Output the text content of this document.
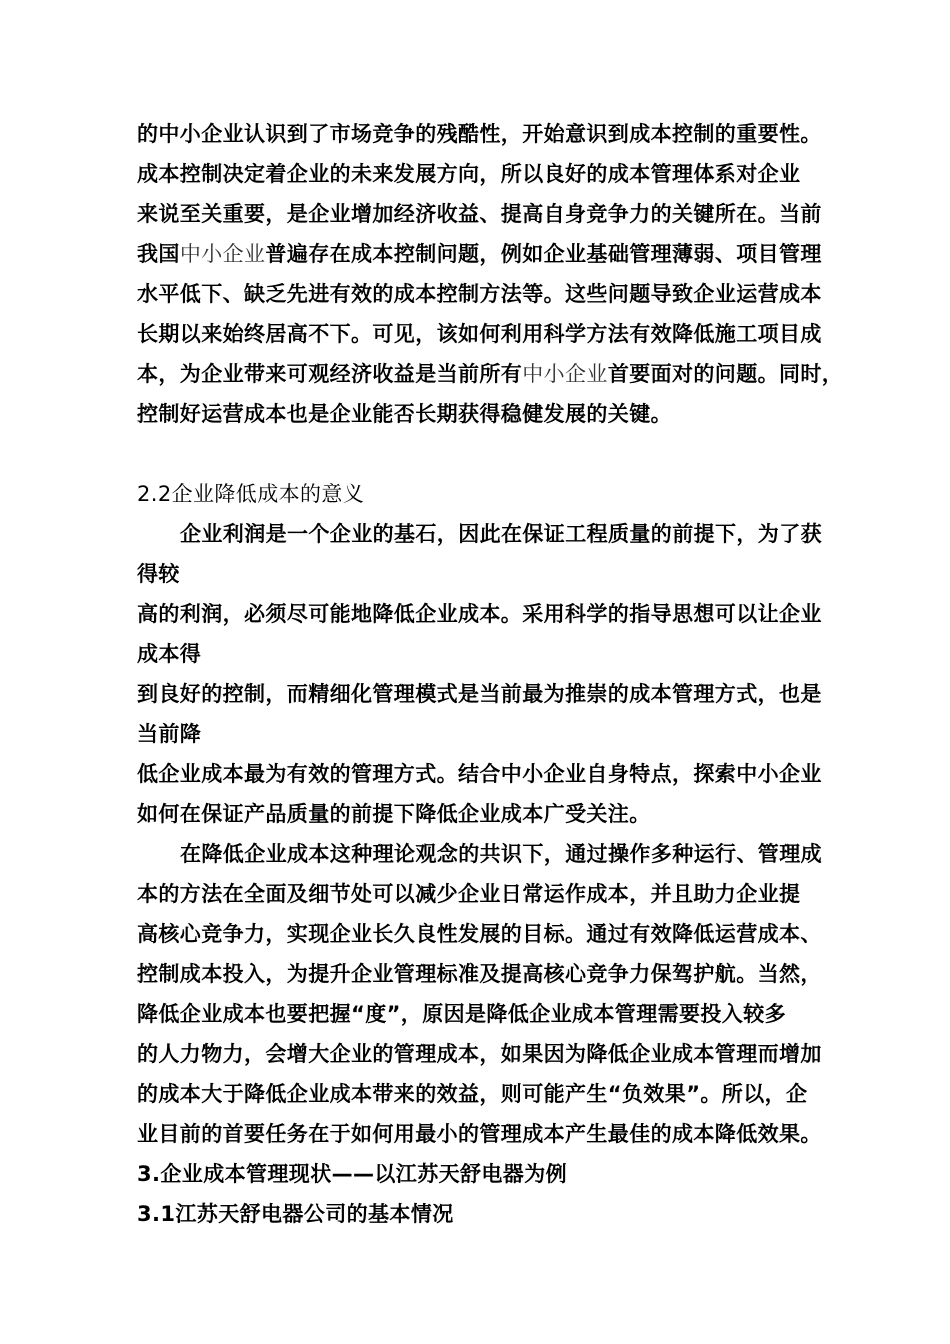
的中小企业认识到了市场竞争的残酷性，开始意识到成本控制的重要性。
成本控制决定着企业的未来发展方向，所以良好的成本管理体系对企业
来说至关重要，是企业增加经济收益、提高自身竞争力的关键所在。当前
我国中小企业普遍存在成本控制问题，例如企业基础管理薄弱、项目管理
水平低下、缺乏先进有效的成本控制方法等。这些问题导致企业运营成本
长期以来始终居高不下。可见，该如何利用科学方法有效降低施工项目成
本，为企业带来可观经济收益是当前所有中小企业首要面对的问题。同时，
控制好运营成本也是企业能否长期获得稳健发展的关键。
2.2企业降低成本的意义
企业利润是一个企业的基石，因此在保证工程质量的前提下，为了获
得较
高的利润，必须尽可能地降低企业成本。采用科学的指导思想可以让企业
成本得
到良好的控制，而精细化管理模式是当前最为推崇的成本管理方式，也是
当前降
低企业成本最为有效的管理方式。结合中小企业自身特点，探索中小企业
如何在保证产品质量的前提下降低企业成本广受关注。
在降低企业成本这种理论观念的共识下，通过操作多种运行、管理成
本的方法在全面及细节处可以减少企业日常运作成本，并且助力企业提
高核心竞争力，实现企业长久良性发展的目标。通过有效降低运营成本、
控制成本投入，为提升企业管理标准及提高核心竞争力保驾护航。当然，
降低企业成本也要把握“度”，原因是降低企业成本管理需要投入较多
的人力物力，会增大企业的管理成本，如果因为降低企业成本管理而增加
的成本大于降低企业成本带来的效益，则可能产生“负效果”。所以，企
业目前的首要任务在于如何用最小的管理成本产生最佳的成本降低效果。
3.企业成本管理现状——以江苏天舒电器为例
3.1江苏天舒电器公司的基本情况
